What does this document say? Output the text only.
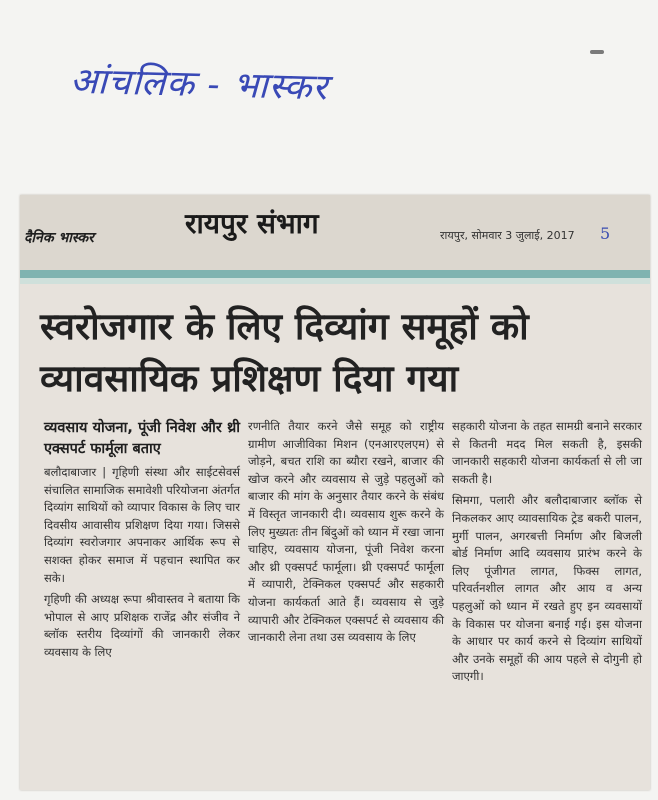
आंचलिक - भास्कर
दैनिक भास्कर	रायपुर संभाग	रायपुर, सोमवार 3 जुलाई, 2017 5
स्वरोजगार के लिए दिव्यांग समूहों को व्यावसायिक प्रशिक्षण दिया गया

व्यवसाय योजना, पूंजी निवेश और थ्री एक्सपर्ट फार्मूला बताए

बलौदाबाजार | गृहिणी संस्था और साईटसेवर्स संचालित सामाजिक समावेशी परियोजना अंतर्गत दिव्यांग साथियों को व्यापार विकास के लिए चार दिवसीय आवासीय प्रशिक्षण दिया गया। जिससे दिव्यांग स्वरोजगार अपनाकर आर्थिक रूप से सशक्त होकर समाज में पहचान स्थापित कर सके।

गृहिणी की अध्यक्ष रूपा श्रीवास्तव ने बताया कि भोपाल से आए प्रशिक्षक राजेंद्र और संजीव ने ब्लॉक स्तरीय दिव्यांगों की जानकारी लेकर व्यवसाय के लिए

रणनीति तैयार करने जैसे समूह को राष्ट्रीय ग्रामीण आजीविका मिशन (एनआरएलएम) से जोड़ने, बचत राशि का ब्यौरा रखने, बाजार की खोज करने और व्यवसाय से जुड़े पहलुओं को बाजार की मांग के अनुसार तैयार करने के संबंध में विस्तृत जानकारी दी। व्यवसाय शुरू करने के लिए मुख्यतः तीन बिंदुओं को ध्यान में रखा जाना चाहिए, व्यवसाय योजना, पूंजी निवेश करना और थ्री एक्सपर्ट फार्मूला। थ्री एक्सपर्ट फार्मूला में व्यापारी, टेक्निकल एक्सपर्ट और सहकारी योजना कार्यकर्ता आते हैं। व्यवसाय से जुड़े व्यापारी और टेक्निकल एक्सपर्ट से व्यवसाय की जानकारी लेना तथा उस व्यवसाय के लिए

सहकारी योजना के तहत सामग्री बनाने सरकार से कितनी मदद मिल सकती है, इसकी जानकारी सहकारी योजना कार्यकर्ता से ली जा सकती है।

सिमगा, पलारी और बलौदाबाजार ब्लॉक से निकलकर आए व्यावसायिक ट्रेड बकरी पालन, मुर्गी पालन, अगरबत्ती निर्माण और बिजली बोर्ड निर्माण आदि व्यवसाय प्रारंभ करने के लिए पूंजीगत लागत, फिक्स लागत, परिवर्तनशील लागत और आय व अन्य पहलुओं को ध्यान में रखते हुए इन व्यवसायों के विकास पर योजना बनाई गई। इस योजना के आधार पर कार्य करने से दिव्यांग साथियों और उनके समूहों की आय पहले से दोगुनी हो जाएगी।
